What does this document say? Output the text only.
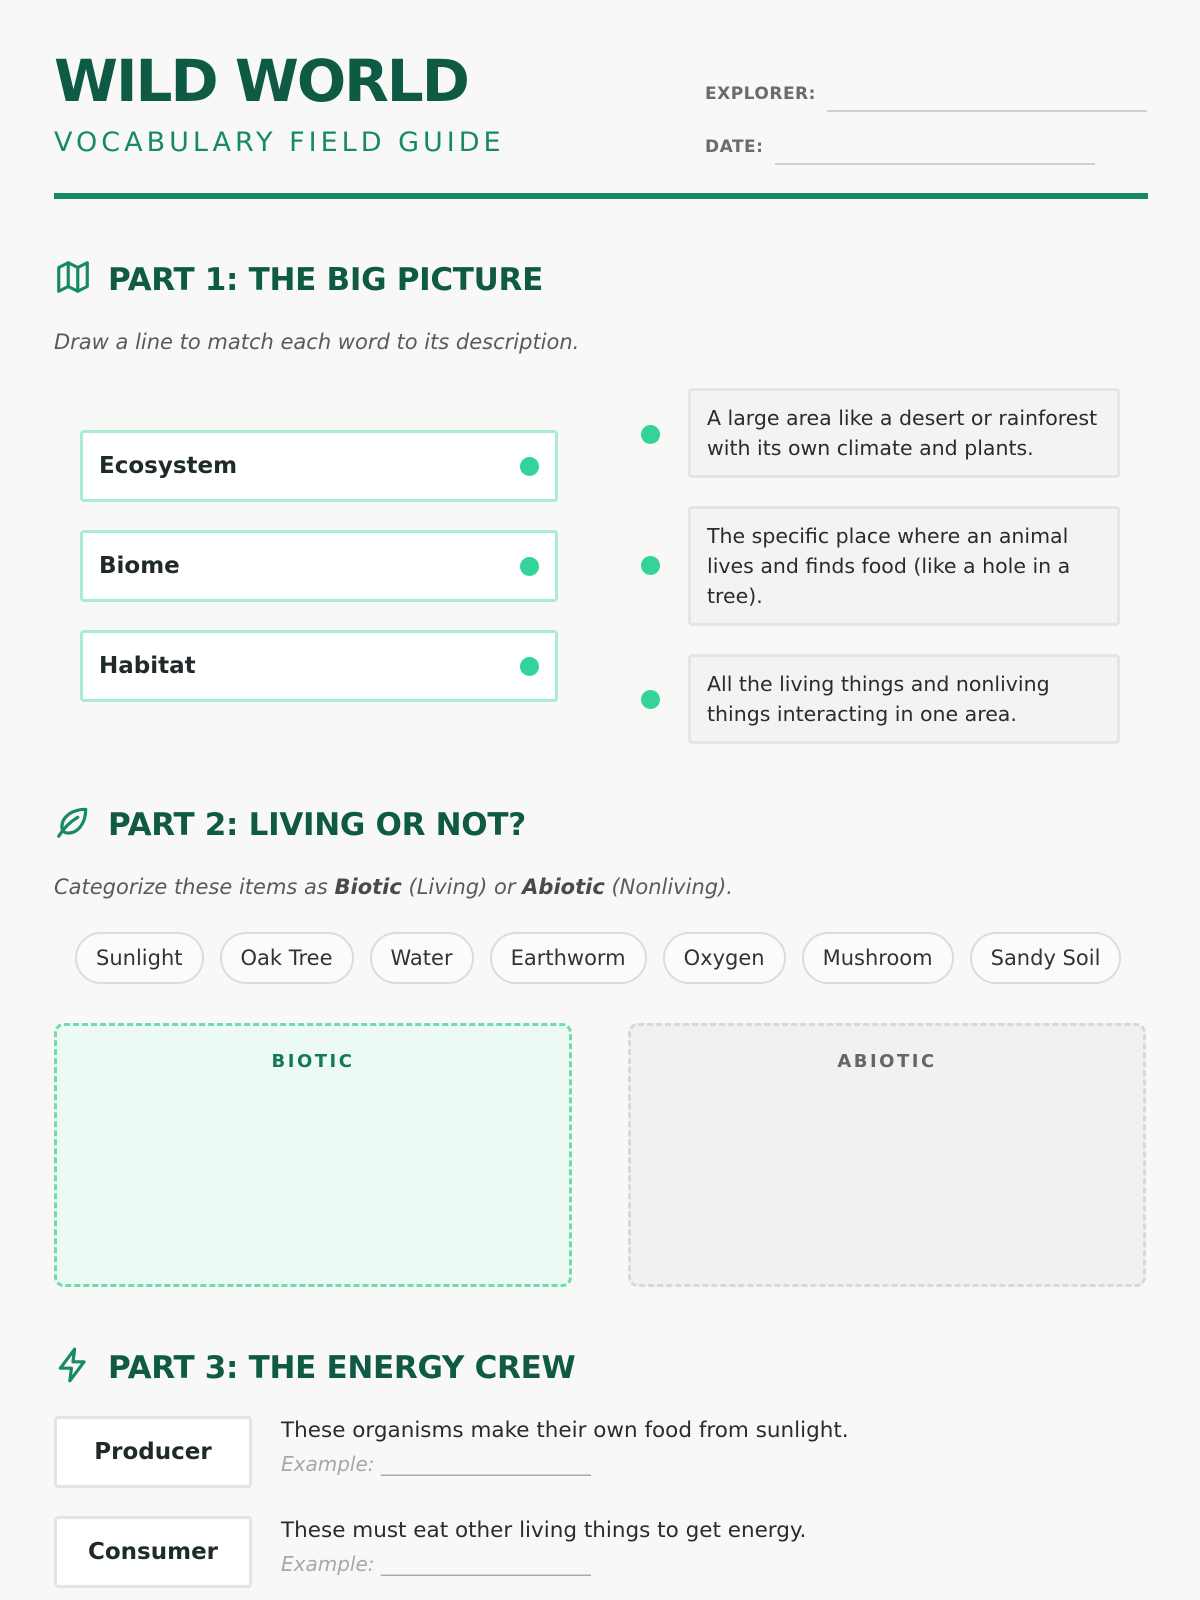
WILD WORLD
VOCABULARY FIELD GUIDE
EXPLORER:
DATE:
PART 1: THE BIG PICTURE
Draw a line to match each word to its description.
Ecosystem
Biome
Habitat
A large area like a desert or rainforest with its own climate and plants.
The specific place where an animal lives and finds food (like a hole in a tree).
All the living things and nonliving things interacting in one area.
PART 2: LIVING OR NOT?
Categorize these items as Biotic (Living) or Abiotic (Nonliving).
Sunlight	Oak Tree	Water	Earthworm	Oxygen	Mushroom	Sandy Soil
BIOTIC	ABIOTIC
PART 3: THE ENERGY CREW
Producer
These organisms make their own food from sunlight.
Example: _____________________
Consumer
These must eat other living things to get energy.
Example: _____________________
